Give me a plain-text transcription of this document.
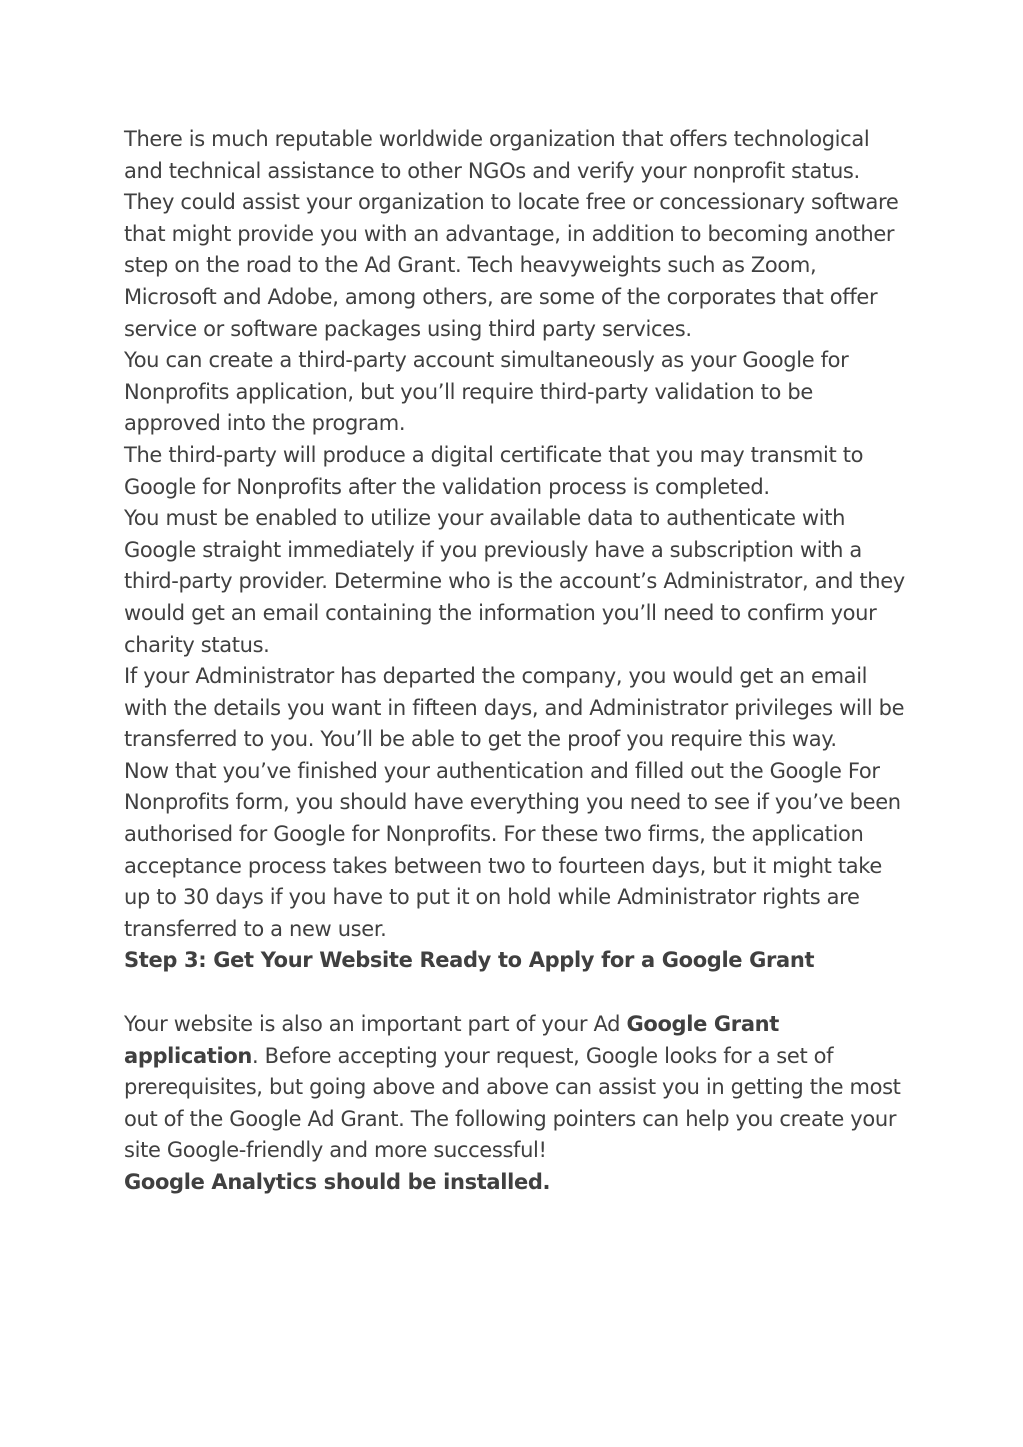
There is much reputable worldwide organization that offers technological and technical assistance to other NGOs and verify your nonprofit status.

They could assist your organization to locate free or concessionary software that might provide you with an advantage, in addition to becoming another step on the road to the Ad Grant. Tech heavyweights such as Zoom, Microsoft and Adobe, among others, are some of the corporates that offer service or software packages using third party services.

You can create a third-party account simultaneously as your Google for Nonprofits application, but you’ll require third-party validation to be approved into the program.

The third-party will produce a digital certificate that you may transmit to Google for Nonprofits after the validation process is completed.

You must be enabled to utilize your available data to authenticate with Google straight immediately if you previously have a subscription with a third-party provider. Determine who is the account’s Administrator, and they would get an email containing the information you’ll need to confirm your charity status.

If your Administrator has departed the company, you would get an email with the details you want in fifteen days, and Administrator privileges will be transferred to you. You’ll be able to get the proof you require this way.

Now that you’ve finished your authentication and filled out the Google For Nonprofits form, you should have everything you need to see if you’ve been authorised for Google for Nonprofits. For these two firms, the application acceptance process takes between two to fourteen days, but it might take up to 30 days if you have to put it on hold while Administrator rights are transferred to a new user.

Step 3: Get Your Website Ready to Apply for a Google Grant

Your website is also an important part of your Ad Google Grant application. Before accepting your request, Google looks for a set of prerequisites, but going above and above can assist you in getting the most out of the Google Ad Grant. The following pointers can help you create your site Google-friendly and more successful!

Google Analytics should be installed.
